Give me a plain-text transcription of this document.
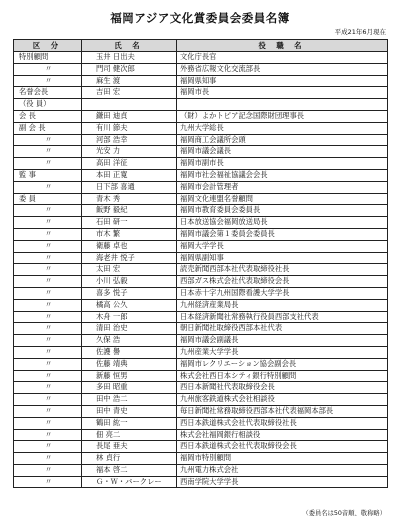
福岡アジア文化賞委員会委員名簿
平成21年6月現在
区 分	氏 名	役 職 名
特別顧問	玉井 日出夫	文化庁長官
〃	門司 健次郎	外務省広報文化交流部長
〃	麻生 渡	福岡県知事
名誉会長	吉田 宏	福岡市長
（役 員）		
会 長	鎌田 迪貞	（財）よかトピア記念国際財団理事長
副 会 長	有川 節夫	九州大学総長
〃	河部 浩幸	福岡商工会議所会頭
〃	光安 力	福岡市議会議長
〃	高田 洋征	福岡市副市長
監 事	本田 正寛	福岡市社会福祉協議会会長
〃	日下部 喜通	福岡市会計管理者
委 員	青木 秀	福岡文化連盟名誉顧問
〃	飯野 毅紀	福岡市教育委員会委員長
〃	石田 研一	日本放送協会福岡放送局長
〃	市木 繁	福岡市議会第１委員会委員長
〃	衛藤 卓也	福岡大学学長
〃	海老井 悦子	福岡県副知事
〃	太田 宏	読売新聞西部本社代表取締役社長
〃	小川 弘毅	西部ガス株式会社代表取締役会長
〃	喜多 悦子	日本赤十字九州国際看護大学学長
〃	橘高 公久	九州経済産業局長
〃	木舟 一郎	日本経済新聞社常務執行役員西部支社代表
〃	清田 治史	朝日新聞社取締役西部本社代表
〃	久保 浩	福岡市議会副議長
〃	佐護 譽	九州産業大学学長
〃	佐藤 靖典	福岡市レクリエーション協会副会長
〃	新藤 恒男	株式会社西日本シティ銀行特別顧問
〃	多田 昭重	西日本新聞社代表取締役会長
〃	田中 浩二	九州旅客鉄道株式会社相談役
〃	田中 青史	毎日新聞社常務取締役西部本社代表福岡本部長
〃	鶴田 紘一	西日本鉄道株式会社代表取締役社長
〃	佃 亮二	株式会社福岡銀行相談役
〃	長尾 亜夫	西日本鉄道株式会社代表取締役会長
〃	林 貞行	福岡市特別顧問
〃	福本 啓二	九州電力株式会社
〃	Ｇ・Ｗ・バークレー	西南学院大学学長
（委員名は50音順、敬称略）
